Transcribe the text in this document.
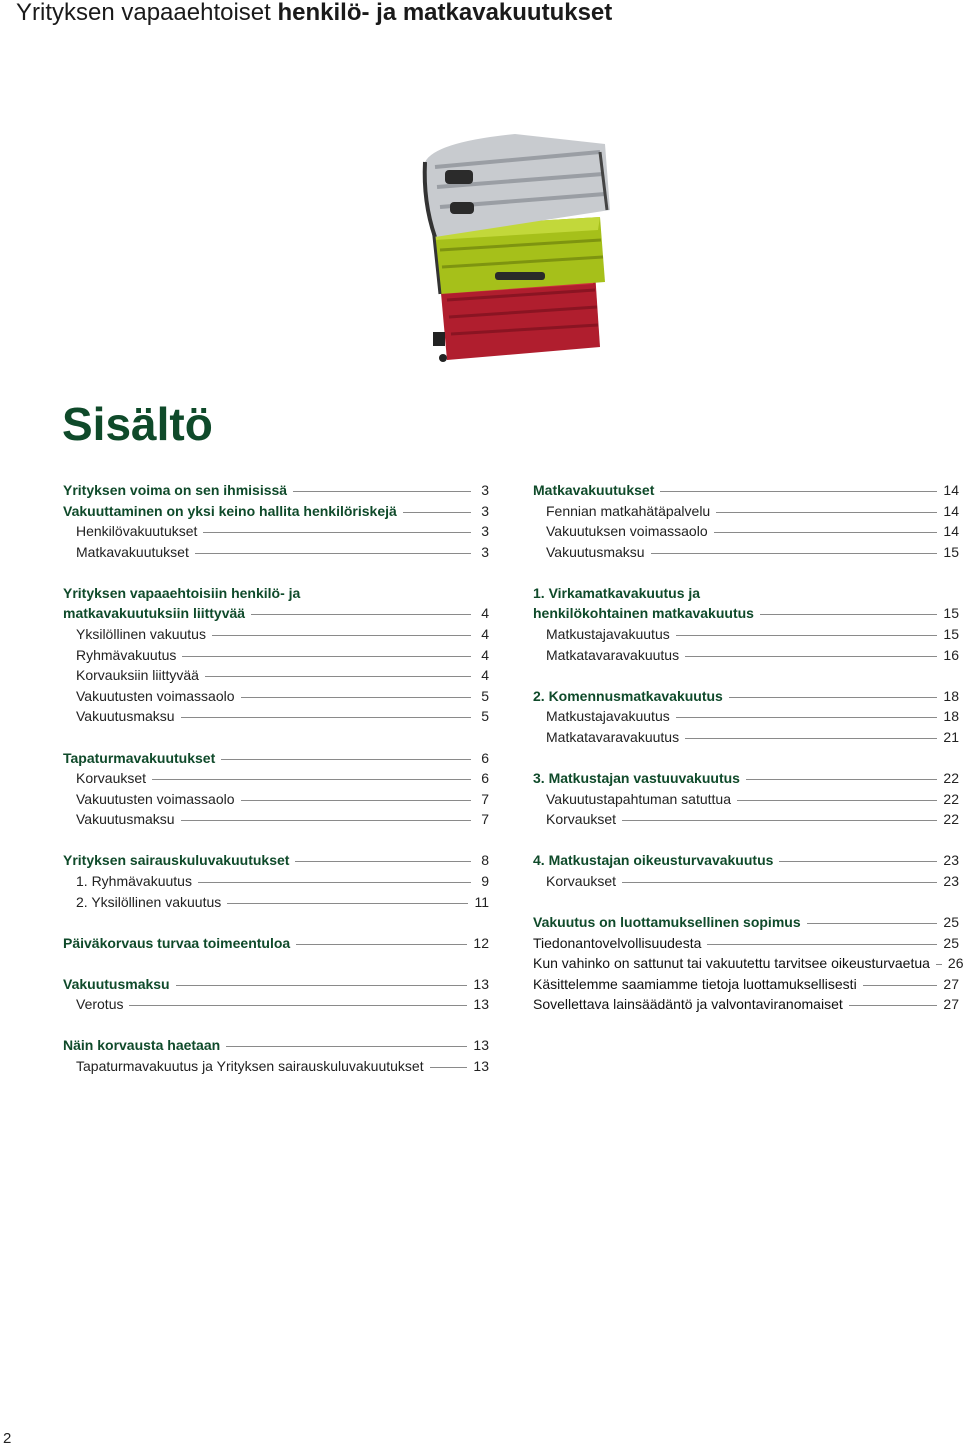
Yrityksen vapaaehtoiset henkilö- ja matkavakuutukset
Sisältö
Yrityksen voima on sen ihmisissä	3
Vakuuttaminen on yksi keino hallita henkilöriskejä	3
Henkilövakuutukset	3
Matkavakuutukset	3
Yrityksen vapaaehtoisiin henkilö- ja
matkavakuutuksiin liittyvää	4
Yksilöllinen vakuutus	4
Ryhmävakuutus	4
Korvauksiin liittyvää	4
Vakuutusten voimassaolo	5
Vakuutusmaksu	5
Tapaturmavakuutukset	6
Korvaukset	6
Vakuutusten voimassaolo	7
Vakuutusmaksu	7
Yrityksen sairauskuluvakuutukset	8
1. Ryhmävakuutus	9
2. Yksilöllinen vakuutus	11
Päiväkorvaus turvaa toimeentuloa	12
Vakuutusmaksu	13
Verotus	13
Näin korvausta haetaan	13
Tapaturmavakuutus ja Yrityksen sairauskuluvakuutukset	13
Matkavakuutukset	14
Fennian matkahätäpalvelu	14
Vakuutuksen voimassaolo	14
Vakuutusmaksu	15
1. Virkamatkavakuutus ja
henkilökohtainen matkavakuutus	15
Matkustajavakuutus	15
Matkatavaravakuutus	16
2. Komennusmatkavakuutus	18
Matkustajavakuutus	18
Matkatavaravakuutus	21
3. Matkustajan vastuuvakuutus	22
Vakuutustapahtuman satuttua	22
Korvaukset	22
4. Matkustajan oikeusturvavakuutus	23
Korvaukset	23
Vakuutus on luottamuksellinen sopimus	25
Tiedonantovelvollisuudesta	25
Kun vahinko on sattunut tai vakuutettu tarvitsee oikeusturvaetua 26
Käsittelemme saamiamme tietoja luottamuksellisesti	27
Sovellettava lainsäädäntö ja valvontaviranomaiset	27
2
